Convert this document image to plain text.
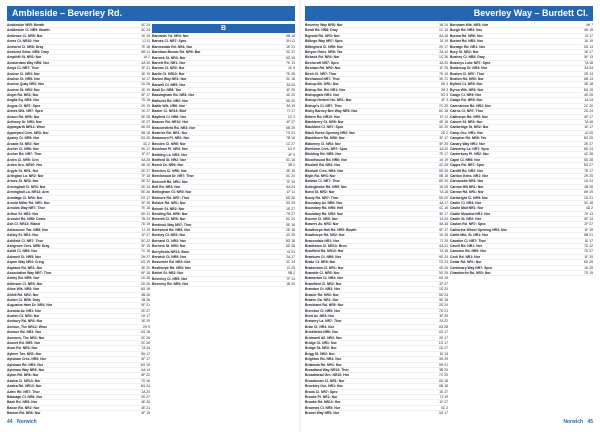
Ambleside – Beverley Rd.	Beverley Way – Burdett Cl.
Ambleside NR5: Bowth	4C 24
Ambleside Cl. NR5: Bowth	4C 24
Ambrose Cl. NR5: Nor	1K 19
Ames Ct. NR10: Hor	1J 11
Amherst Cl. NR8: Dray	7E 16
Amhurst Gdns. NR8: Dray	6B 11
Ampthill St. NR2: Nor	1A 2
Amsterdam Way NR6: Nor	4A 16
Amys Cl. NR7: Thor	3F 21
Anchor Cl. NR3: Nor	1E 19
Anchor Ct. NR5: Nor	5J 17
Anchor Quay NR3: Nor	1D 26
Anchor St. NR3: Nor	1E 19
Angel Rd. NR3: Nor	5F 17
Anglia Sq. NR3: Nor	7D 18
Angus Cl. NR7: Spro	2K 19
Annes Wlk. NR7: Spro	1K 27
Anson Rd. NR6: Nor	3E 25
Anthony Dr. NR3: Nor	1E 27
Applegarth NR12: Wrox	4D 20
Appleyard Cres. NR3: Nor	5B 18
Apsley Ct. NR5: Nor	3G 25
Arcade St. NR2: Nor	4C 2
Archer Cl. NR6: Nor	3K 17
Archer Rd. NR7: Thor	1F 27
Arden Cl. NR9: Crin	5A 28
Arden Gro. NR10: Hor	4B 10
Argyle St. NR1: Nor	2E 27
Arlington La. NR2: Nor	7F 18
Armes St. NR2: Nor	3E 22
Arminghall Cl. NR3: Nor	2E 13
Arminghall La. NR14: Arm	5E 26
Armitage Cl. NR4: Nor	2G 17
Arnold Miller Rd. NR1: Nor	3F 25
Arnolds Way NR7: Thor	7E 18
Arthur St. NR2: Nor	6K 11
Arundel Rd. NR8: Costs	7B 24
Ash Cl. NR13: Bland	7D 15
Ashbourne Twr. NR8: Nor	1J 19
Ashby St. NR1: Nor	1F 27
Ashfield Cl. NR7: Thor	5C 22
Ashgrove Cres. NR8: Dray	3F 15
Ashill Cl. NR6: Nor	7C 16
Ashwell Ct. NR5: Nor	2H 27
Aspen Way NR4: Cring	4G 19
Aspland Rd. NR1: Nor	3E 20
Association Way NR7: Thor	6F 18
Astley Rd. NR5: Nor	1D 26
Atkinson Cl. NR5: Nor	2D 26
Attoe Wlk. NR3: Nor	6G 18
Atthill Rd. NR2: Nor	4B 26
Auden Cl. NR8: Dray	1B 26
Augustus Hare Dr. NR4: Nor	5F 21
Aurania Av. NR1: Nor	2E 27
Austen Ct. NR3: Nor	1H 17
Avebury Rd. NR4: Nor	1E 29
Avenue, The NR12: Wrox	2H 9
Avenue Rd. NR2: Nor	4G 18
Avenues, The NR2: Nor	3C 26
Avocet Rd. NR5: Nor	2C 26
Avon Rd. NR3: Nor	7A 24
Aylmer Twr. NR3: Nor	5H 17
Aylsham Cres. NR3: Nor	6F 17
Aylsham Rd. NR3: Nor	6G 19
Aylsham Way NR6: Nor	6A 14
Ayton Rd. NR6: Nor	6F 22
Azalea Cl. NR13: Nor	7D 16
Azalea Rd. NR13: Nor	6G 24
Aztec Rd. NR7: Thor	1A 20
Babbage Cl. NR6: Nor	2K 27
Back Rd. NR5: Nor	4E 26
Bacon Rd. NR2: Nor	4E 21
Bacton Rd. NR6: Nor	4F 19
B
Barnards Yd. NR3: Nor	6B 18
Barnes Cl. NR7: Spro	3H 11
Barnesdale Rd. NR4: Nor	1E 21
Barnham Broom Rd. NR9: Bar	3C 17
Barrack St. NR3: Nor	3G 19
Barrett Rd. NR1: Nor	7K 13
Barrow Cl. NR3: Nor	1K 9
Bartle Ct. NR10: Hor	7E 28
Barton Way NR1: Nor	3C 18
Barwell Ct. NR5: Nor	3A 24
Basil Dr. NR8: Tav	4F 29
Bassingham Rd. NR3: Nor	4D 20
Bathurst Rd. NR2: Nor	5D 20
Battle Wlk. NR6: Nor	3A 19
Baxter Cl. NR13: Blof	7J 17
Bayfield Cl. NR6: Nor	1C 2
Beacon Rd. NR10: Hor	4F 27
Beaconsfield Rd. NR3: Nor	6B 25
Beatrice Rd. NR1: Nor	7G 21
Beaumont Pl. NR2: Nor	7B 16
Beccles Cl. NR5: Nor	1C 27
Beckham Pl. NR3: Nor	1G 9
Bedding La. NR3: Nor	4F 9
Bedford St. NR2: Nor	5C 16
Beech Dr. NR6: Nor	3B 2
Beeches Cl. NR6: Nor	3E 15
Beechwood Dr. NR7: Thor	6C 24
Beecroft Rd. NR1: Nor	7F 15
Bell Rd. NR3: Nor	6A 24
Bellingham Ct. NR5: Nor	1F 11
Belmore Rd. NR7: Thor	6D 26
Belsize Rd. NR1: Nor	3G 25
Belvoir St. NR2: Nor	1E 27
Bending Rd. NR6: Nor	7H 27
Bennett Cl. NR6: Nor	5C 24
Bentinck Way NR7: Thor	5E 16
Beresford Rd. NR5: Nor	2E 18
Berkley Ct. NR3: Nor	4C 25
Bernard Cl. NR3: Nor	5G 18
Berners St. NR3: Nor	6D 28
Berryfields NR13: Brun	4J 21
Berwick Ct. NR5: Nor	2A 17
Bessemer Rd. NR4: Nor	3C 14
Besthorpe Rd. NR3: Nor	2J 25
Bethel St. NR2: Nor	5B 2
Beverley Cl. NR5: Nor	7F 14
Beverley Rd. NR5: Nor	1B 24
Beverley Way NR5: Nor	1B 24
Bewit Rd. NR8: Dray	1C 16
Bignold Rd. NR3: Nor	6A 18
Billings Way NR7: Spro	3J 19
Billingford Cl. NR6: Nor	2K 17
Binyon Gdns. NR8: Tav	2A 10
Birbeck Rd. NR4: Nor	1C 26
Birchcroft NR7: Spro	3A 20
Bircham Rd. NR2: Nor	1F 25
Birch Ct. NR7: Thor	7K 19
Birchwood NR7: Thor	3K 21
Bishop Bri. NR1: Nor	3H 3
Bishop Bri. Rd. NR1: Nor	3H 3
Bishopgate NR1: Nor	3G 3
Bishop Herbert Ho. NR1: Nor	4F 3
Bishop's Cl. NR7: Thor	7C 20
Bishy Barney Bee Way NR5: Nor	6C 18
Bittern Rd. NR10: Hor	1F 11
Blackberry Ct. NR6: Nor	4E 18
Blackbird Cl. NR7: Spro	3C 20
Black Horse Opening NR3: Nor	2D 2
Blackthorn Rd. NR6: Nor	3F 17
Blakeney Cl. NR4: Nor	5F 25
Blenheim Cres. NR7: Spro	3A 20
Blickling Rd. NR5: Nor	7E 17
Bloodhound Rd. NR6: Nor	1K 19
Bluebell Rd. NR4: Nor	4C 26
Bluebell Cres. NR4: Nor	5D 26
Blyth Rd. NR3: Nor	5B 18
Boileau Cl. NR7: Thor	6E 20
Bolingbroke Rd. NR5: Nor	1K 25
Bond St. NR2: Nor	7A 18
Booty Rd. NR7: Thor	5D 20
Boundary Av. NR6: Nor	4A 17
Boundary Rd. NR6: Hell	4C 16
Boundary Rd. NR3: Nor	3K 17
Bourne Cl. NR5: Nor	1A 24
Bowers Av. NR3: Nor	5A 18
Bowthorpe Hall Rd. NR5: Bowth	6F 17
Bowthorpe Rd. NR2: Nor	1K 25
Bracondale NR1: Nor	7J 25
Bradeston Cl. NR13: Brun	6A 21
Bradfield Rd. NR10: Hor	7A 18
Braeburn Ct. NR6: Nor	6E 24
Brake Ct. NR5: Nor	7G 23
Brakendon Cl. NR1: Nor	4D 26
Bramble Cl. NR5: Nor	3G 25
Bramerton Cl. NR4: Nor	4G 19
Bramfield Cl. NR2: Nor	2F 27
Brandon Ct. NR3: Nor	1D 20
Brasier Rd. NR3: Nor	5D 24
Brazen Ga. NR1: Nor	5E 18
Breckland Rd. NR5: Nor	2D 24
Brereton Cl. NR5: Nor	7D 21
Brett Av. NR3: Nor	3F 29
Brewery La. NR7: Thor	2A 22
Briar Ct. NR4: Nor	4G 28
Brickfields NR6: Nor	4G 17
Bridewell All. NR2: Nor	2K 17
Bridge Ct. NR1: Nor	1G 17
Bridge St. NR3: Nor	1D 27
Brigg St. NR2: Nor	5J 13
Brighton Rd. NR4: Nor	3H 29
Britannia Rd. NR1: Nor	5H 21
Broadland Way NR13: Thor	3B 20
Broadmead Grn. NR10: Hor	7C 20
Broadsman Cl. NR1: Nor	6D 18
Brockley Grn. NR1: Nor	6B 18
Brook Cl. NR7: Spro	1E 27
Brooke Pl. NR1: Nor	7J 19
Brooks Rd. NR10: Hor	1F 27
Brownes Cl. NR5: Nor	4C 2
Brunel Way NR5: Nor	3G 17
Bernham Wlk. NR3: Nor	4H 7
Burgh Rd. NR3: Nor	4H 15
Burma Rd. NR6: Nor	3J 17
Burnet Rd. NR3: Nor	1K 19
Burrage Rd. NR1: Nor	3G 13
Bury St. NR2: Nor	1E 17
Bushey Cl. NR8: Dray	5F 13
Busseys Loke NR7: Spro	7A 18
Buttercup Dr. NR3: Nor	2A 24
Buxton Cl. NR7: Thor	2E 13
Buxton Rd. NR3: Nor	6B 13
Byfield Ct. NR5: Nor	3D 18
Byron Wlk. NR3: Nor	6G 19
Cadge Cl. NR5: Nor	4K 25
Cadge Rd. NR5: Nor	1A 24
Caernarvon Rd. NR2: Nor	2C 20
Cairns Cl. NR7: Thor	2D 24
Calthorpe Rd. NR5: Nor	6F 17
Calvert St. NR3: Nor	7A 18
Cambridge St. NR2: Nor	1E 17
Camp Gro. NR1: Nor	4J 25
Campion Rd. NR8: Tav	5G 25
Canary Way NR1: Nor	2E 27
Cannerby La. NR7: Spro	6D 24
Canterbury Pl. NR2: Nor	4C 28
Capel Cl. NR6: Nor	5D 28
Capps Rd. NR7: Spro	5G 27
Cardiff Rd. NR2: Nor	7E 17
Carlton Gdns. NR1: Nor	2K 25
Carnoustie NR4: Nor	1D 24
Carrow Hill NR1: Nor	4B 26
Carrow Rd. NR1: Nor	6H 19
Cartwright Cl. NR5: Nor	1D 21
Castle Cl. NR4: Nor	3C 18
Castle Mall NR1: Nor	4D 2
Castle Meadow NR1: Nor	7K 13
Castle St. NR2: Nor	5F 13
Caston Rd. NR7: Spro	2F 27
Catherine Wheel Opening NR3: Nor	1F 19
Cattle Mkt. St. NR1: Nor	6B 21
Cavalier Cl. NR7: Thor	5J 17
Cavell Rd. NR1: Nor	7D 12
Cawston Rd. NR6: Nor	7D 27
Cecil Rd. NR1: Nor	1F 19
Cedar Rd. NR1: Nor	6G 25
Centenary Way NR7: Spro	1K 25
Chamberlin Rd. NR3: Nor	7D 15
44 Norwich	Norwich 45
